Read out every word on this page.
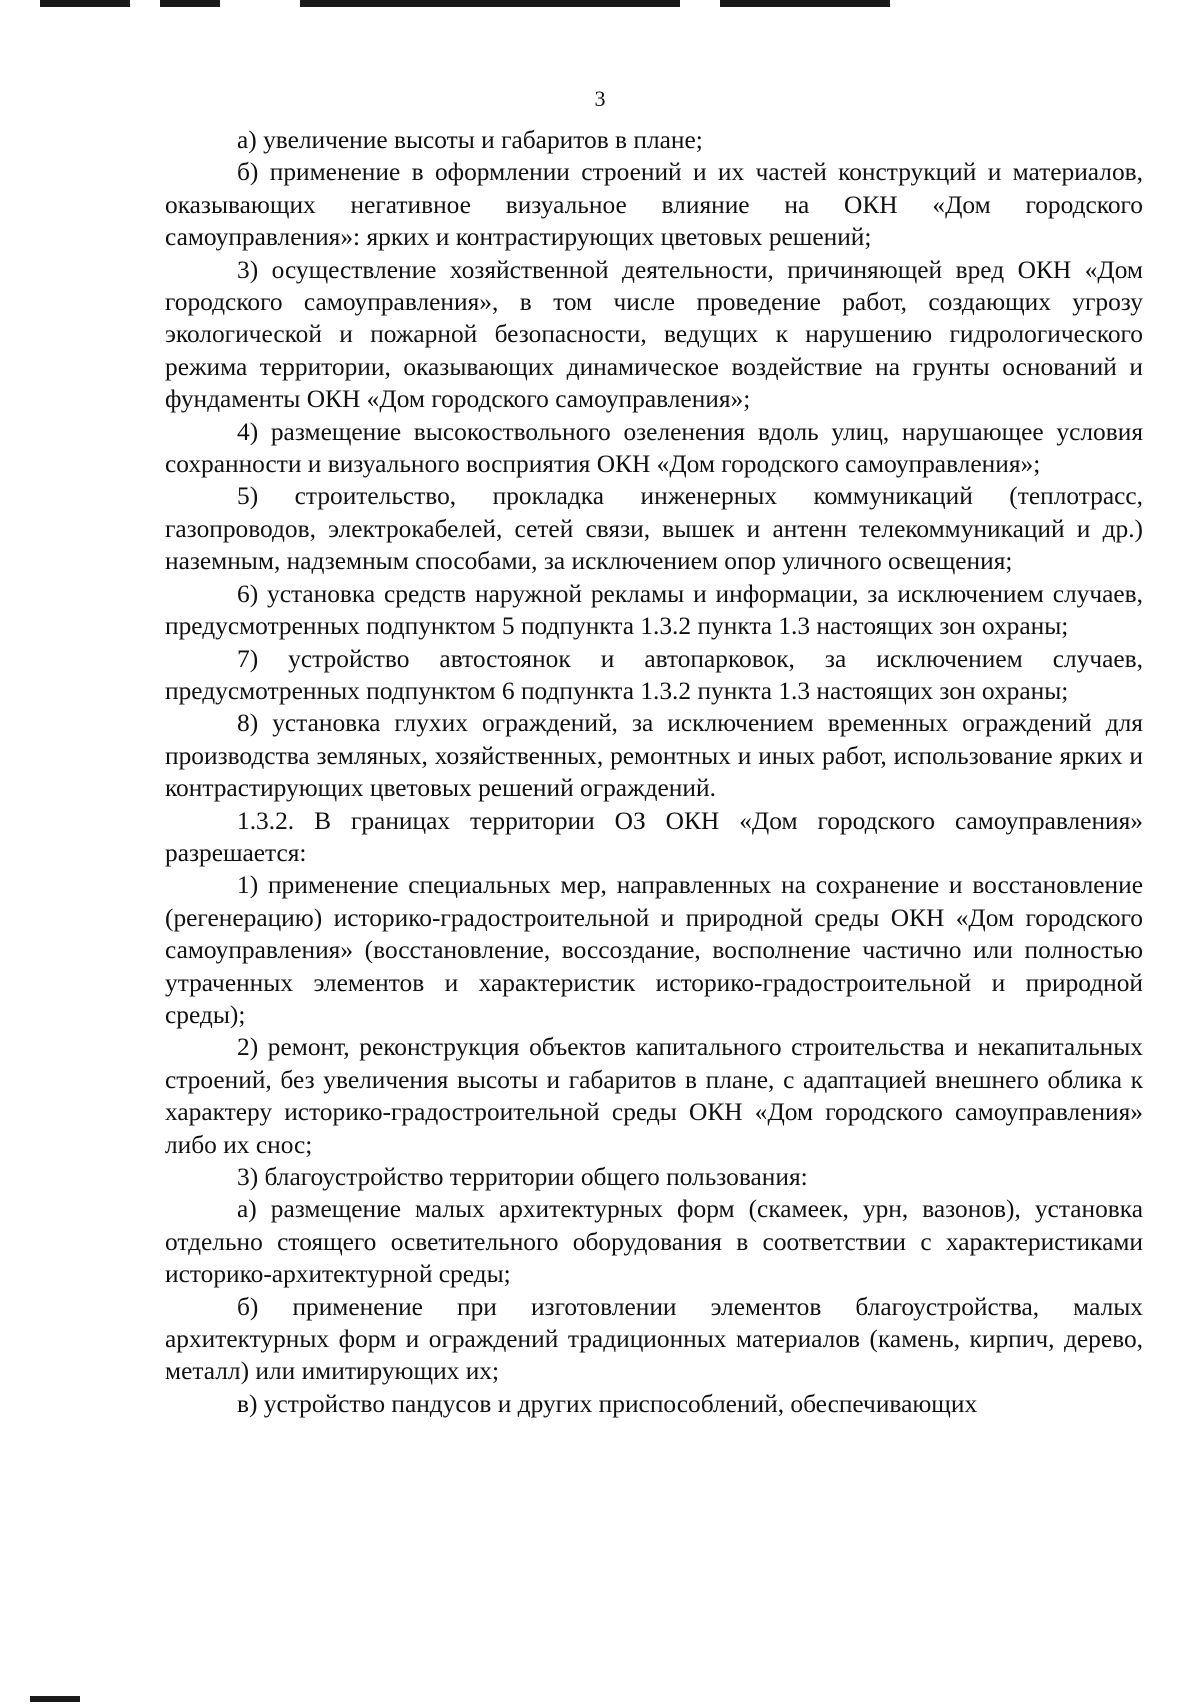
3

а) увеличение высоты и габаритов в плане;

б) применение в оформлении строений и их частей конструкций и материалов, оказывающих негативное визуальное влияние на ОКН «Дом городского самоуправления»: ярких и контрастирующих цветовых решений;

3) осуществление хозяйственной деятельности, причиняющей вред ОКН «Дом городского самоуправления», в том числе проведение работ, создающих угрозу экологической и пожарной безопасности, ведущих к нарушению гидрологического режима территории, оказывающих динамическое воздействие на грунты оснований и фундаменты ОКН «Дом городского самоуправления»;

4) размещение высокоствольного озеленения вдоль улиц, нарушающее условия сохранности и визуального восприятия ОКН «Дом городского самоуправления»;

5) строительство, прокладка инженерных коммуникаций (теплотрасс, газопроводов, электрокабелей, сетей связи, вышек и антенн телекоммуникаций и др.) наземным, надземным способами, за исключением опор уличного освещения;

6) установка средств наружной рекламы и информации, за исключением случаев, предусмотренных подпунктом 5 подпункта 1.3.2 пункта 1.3 настоящих зон охраны;

7) устройство автостоянок и автопарковок, за исключением случаев, предусмотренных подпунктом 6 подпункта 1.3.2 пункта 1.3 настоящих зон охраны;

8) установка глухих ограждений, за исключением временных ограждений для производства земляных, хозяйственных, ремонтных и иных работ, использование ярких и контрастирующих цветовых решений ограждений.

1.3.2. В границах территории ОЗ ОКН «Дом городского самоуправления» разрешается:

1) применение специальных мер, направленных на сохранение и восстановление (регенерацию) историко-градостроительной и природной среды ОКН «Дом городского самоуправления» (восстановление, воссоздание, восполнение частично или полностью утраченных элементов и характеристик историко-градостроительной и природной среды);

2) ремонт, реконструкция объектов капитального строительства и некапитальных строений, без увеличения высоты и габаритов в плане, с адаптацией внешнего облика к характеру историко-градостроительной среды ОКН «Дом городского самоуправления» либо их снос;

3) благоустройство территории общего пользования:

а) размещение малых архитектурных форм (скамеек, урн, вазонов), установка отдельно стоящего осветительного оборудования в соответствии с характеристиками историко-архитектурной среды;

б) применение при изготовлении элементов благоустройства, малых архитектурных форм и ограждений традиционных материалов (камень, кирпич, дерево, металл) или имитирующих их;

в) устройство пандусов и других приспособлений, обеспечивающих
